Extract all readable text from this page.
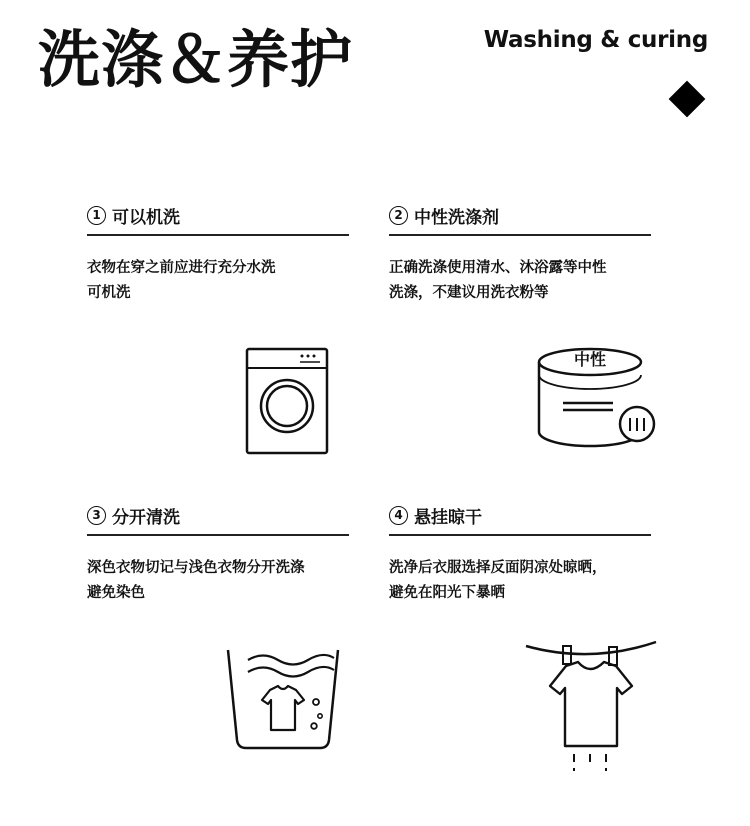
洗涤＆养护	Washing & curing
1 可以机洗
衣物在穿之前应进行充分水洗
可机洗
2 中性洗涤剂
正确洗涤使用清水、沐浴露等中性
洗涤，不建议用洗衣粉等
中性
3 分开清洗
深色衣物切记与浅色衣物分开洗涤
避免染色
4 悬挂晾干
洗净后衣服选择反面阴凉处晾晒，
避免在阳光下暴晒
